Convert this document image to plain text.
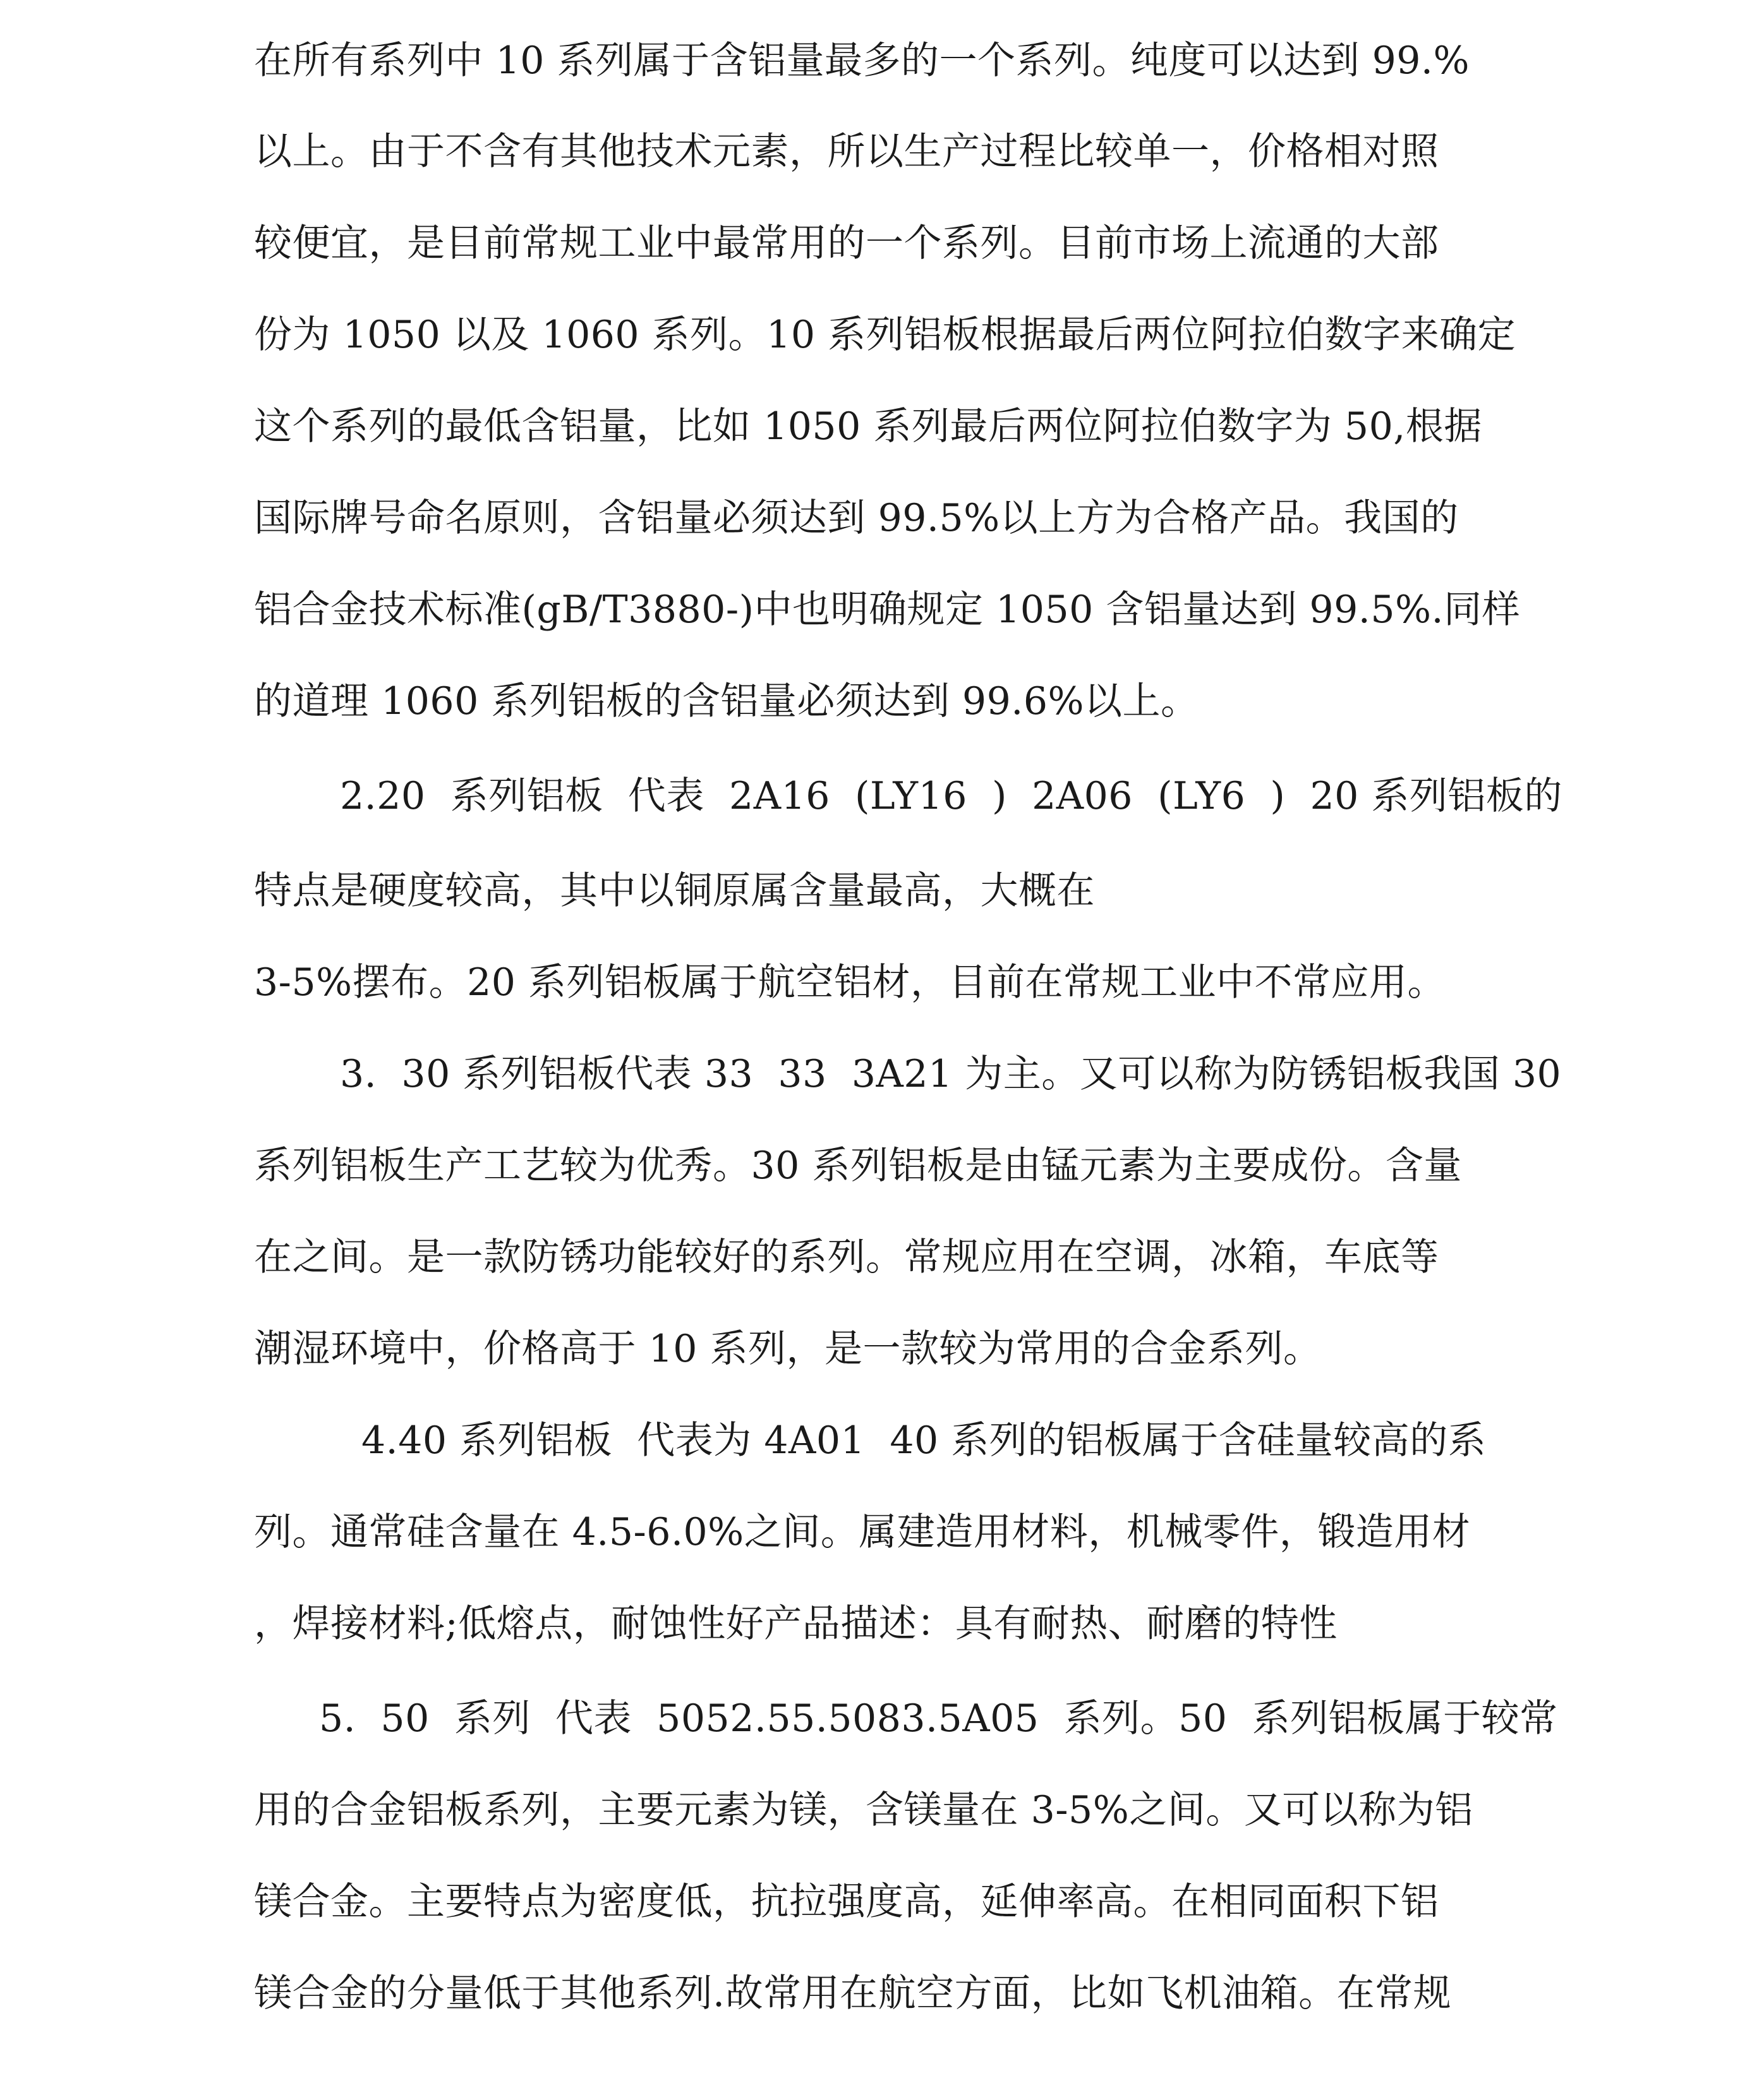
在所有系列中 10 系列属于含铝量最多的一个系列。纯度可以达到 99.%
以上。由于不含有其他技术元素，所以生产过程比较单一，价格相对照
较便宜，是目前常规工业中最常用的一个系列。目前市场上流通的大部
份为 1050 以及 1060 系列。10 系列铝板根据最后两位阿拉伯数字来确定
这个系列的最低含铝量，比如 1050 系列最后两位阿拉伯数字为 50,根据
国际牌号命名原则，含铝量必须达到 99.5%以上方为合格产品。我国的
铝合金技术标准(gB/T3880-)中也明确规定 1050 含铝量达到 99.5%.同样
的道理 1060 系列铝板的含铝量必须达到 99.6%以上。
2.20  系列铝板  代表  2A16  (LY16  )  2A06  (LY6  )  20 系列铝板的
特点是硬度较高，其中以铜原属含量最高，大概在
3-5%摆布。20 系列铝板属于航空铝材，目前在常规工业中不常应用。
3.  30 系列铝板代表 33  33  3A21 为主。又可以称为防锈铝板我国 30
系列铝板生产工艺较为优秀。30 系列铝板是由锰元素为主要成份。含量
在之间。是一款防锈功能较好的系列。常规应用在空调，冰箱，车底等
潮湿环境中，价格高于 10 系列，是一款较为常用的合金系列。
4.40 系列铝板  代表为 4A01  40 系列的铝板属于含硅量较高的系
列。通常硅含量在 4.5-6.0%之间。属建造用材料，机械零件，锻造用材
，焊接材料;低熔点，耐蚀性好产品描述：具有耐热、耐磨的特性
5.  50  系列  代表  5052.55.5083.5A05  系列。50  系列铝板属于较常
用的合金铝板系列，主要元素为镁，含镁量在 3-5%之间。又可以称为铝
镁合金。主要特点为密度低，抗拉强度高，延伸率高。在相同面积下铝
镁合金的分量低于其他系列.故常用在航空方面，比如飞机油箱。在常规
